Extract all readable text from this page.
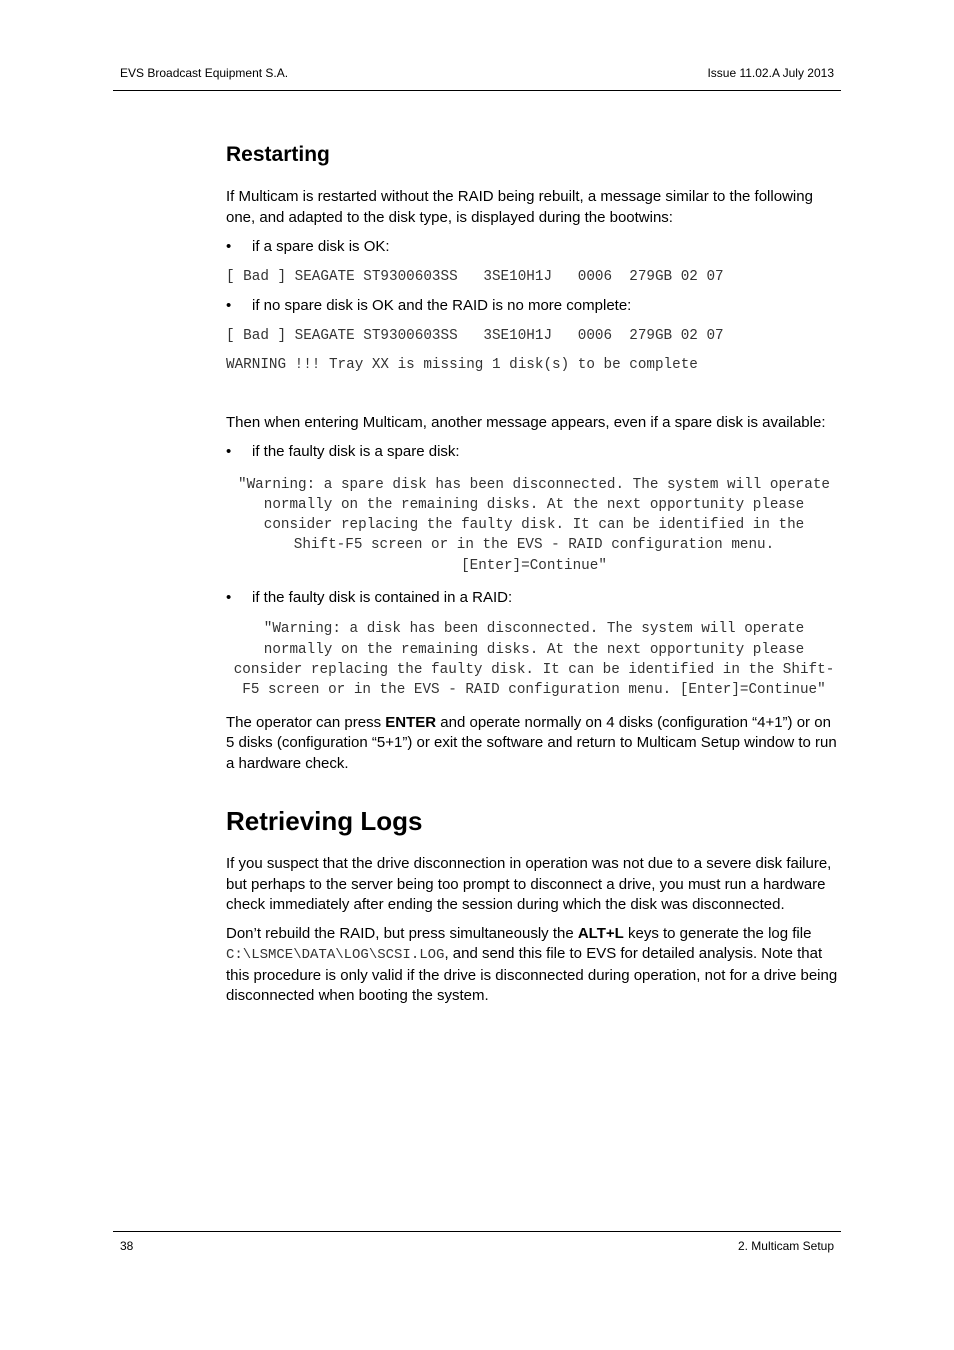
EVS Broadcast Equipment S.A.	Issue 11.02.A July 2013
Restarting

If Multicam is restarted without the RAID being rebuilt, a message similar to the following one, and adapted to the disk type, is displayed during the bootwins:

• if a spare disk is OK:

[ Bad ] SEAGATE ST9300603SS   3SE10H1J   0006  279GB 02 07

• if no spare disk is OK and the RAID is no more complete:

[ Bad ] SEAGATE ST9300603SS   3SE10H1J   0006  279GB 02 07

WARNING !!! Tray XX is missing 1 disk(s) to be complete

Then when entering Multicam, another message appears, even if a spare disk is available:

• if the faulty disk is a spare disk:

"Warning: a spare disk has been disconnected. The system will operate normally on the remaining disks. At the next opportunity please consider replacing the faulty disk. It can be identified in the Shift-F5 screen or in the EVS - RAID configuration menu. [Enter]=Continue"

• if the faulty disk is contained in a RAID:

"Warning: a disk has been disconnected. The system will operate normally on the remaining disks. At the next opportunity please consider replacing the faulty disk. It can be identified in the Shift-F5 screen or in the EVS - RAID configuration menu. [Enter]=Continue"

The operator can press ENTER and operate normally on 4 disks (configuration “4+1”) or on 5 disks (configuration “5+1”) or exit the software and return to Multicam Setup window to run a hardware check.

Retrieving Logs

If you suspect that the drive disconnection in operation was not due to a severe disk failure, but perhaps to the server being too prompt to disconnect a drive, you must run a hardware check immediately after ending the session during which the disk was disconnected.

Don’t rebuild the RAID, but press simultaneously the ALT+L keys to generate the log file C:\LSMCE\DATA\LOG\SCSI.LOG, and send this file to EVS for detailed analysis. Note that this procedure is only valid if the drive is disconnected during operation, not for a drive being disconnected when booting the system.

38	2. Multicam Setup
